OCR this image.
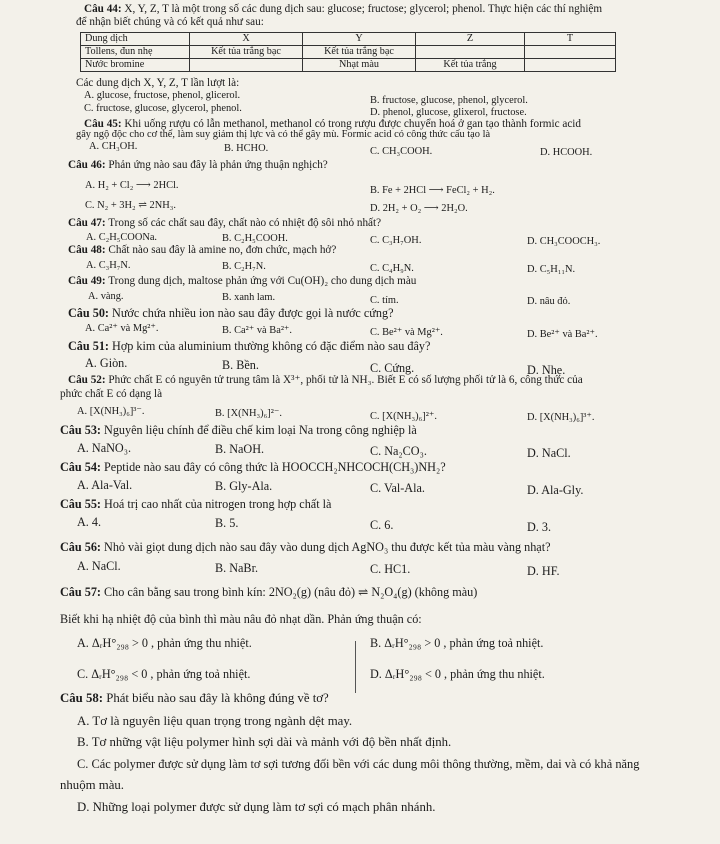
Câu 44: X, Y, Z, T là một trong số các dung dịch sau: glucose; fructose; glycerol; phenol. Thực hiện các thí nghiệm
để nhận biết chúng và có kết quả như sau:
Dung dịch	X	Y	Z	T
Tollens, đun nhẹ	Kết tủa trắng bạc	Kết tủa trắng bạc		
Nước bromine		Nhạt màu	Kết tủa trắng	
Các dung dịch X, Y, Z, T lần lượt là:
A. glucose, fructose, phenol, glicerol.	B. fructose, glucose, phenol, glycerol.
C. fructose, glucose, glycerol, phenol.	D. phenol, glucose, glixerol, fructose.
Câu 45: Khi uống rượu có lẫn methanol, methanol có trong rượu được chuyển hoá ở gan tạo thành formic acid
gây ngộ độc cho cơ thể, làm suy giảm thị lực và có thể gây mù. Formic acid có công thức cấu tạo là
A. CH₃OH.	B. HCHO.	C. CH₃COOH.	D. HCOOH.
Câu 46: Phản ứng nào sau đây là phản ứng thuận nghịch?
A. H₂ + Cl₂ ⟶ 2HCl.	B. Fe + 2HCl ⟶ FeCl₂ + H₂.
C. N₂ + 3H₂ ⇌ 2NH₃.	D. 2H₂ + O₂ ⟶ 2H₂O.
Câu 47: Trong số các chất sau đây, chất nào có nhiệt độ sôi nhỏ nhất?
A. C₂H₅COONa.	B. C₂H₅COOH.	C. C₃H₇OH.	D. CH₃COOCH₃.
Câu 48: Chất nào sau đây là amine no, đơn chức, mạch hở?
A. C₃H₇N.	B. C₂H₇N.	C. C₄H₉N.	D. C₅H₁₁N.
Câu 49: Trong dung dịch, maltose phản ứng với Cu(OH)₂ cho dung dịch màu
A. vàng.	B. xanh lam.	C. tím.	D. nâu đỏ.
Câu 50: Nước chứa nhiều ion nào sau đây được gọi là nước cứng?
A. Ca²⁺ và Mg²⁺.	B. Ca²⁺ và Ba²⁺.	C. Be²⁺ và Mg²⁺.	D. Be²⁺ và Ba²⁺.
Câu 51: Hợp kim của aluminium thường không có đặc điểm nào sau đây?
A. Giòn.	B. Bền.	C. Cứng.	D. Nhẹ.
Câu 52: Phức chất E có nguyên tử trung tâm là X³⁺, phối tử là NH₃. Biết E có số lượng phối tử là 6, công thức của
phức chất E có dạng là
A. [X(NH₃)₆]³⁻.	B. [X(NH₃)₆]²⁻.	C. [X(NH₃)₆]²⁺.	D. [X(NH₃)₆]³⁺.
Câu 53: Nguyên liệu chính để điều chế kim loại Na trong công nghiệp là
A. NaNO₃.	B. NaOH.	C. Na₂CO₃.	D. NaCl.
Câu 54: Peptide nào sau đây có công thức là HOOCCH₂NHCOCH(CH₃)NH₂?
A. Ala-Val.	B. Gly-Ala.	C. Val-Ala.	D. Ala-Gly.
Câu 55: Hoá trị cao nhất của nitrogen trong hợp chất là
A. 4.	B. 5.	C. 6.	D. 3.
Câu 56: Nhỏ vài giọt dung dịch nào sau đây vào dung dịch AgNO₃ thu được kết tủa màu vàng nhạt?
A. NaCl.	B. NaBr.	C. HC1.	D. HF.
Câu 57: Cho cân bằng sau trong bình kín: 2NO₂(g) (nâu đỏ) ⇌ N₂O₄(g) (không màu)
Biết khi hạ nhiệt độ của bình thì màu nâu đỏ nhạt dần. Phản ứng thuận có:
A. ΔᵣH°₂₉₈ > 0 , phản ứng thu nhiệt.	B. ΔᵣH°₂₉₈ > 0 , phản ứng toả nhiệt.
C. ΔᵣH°₂₉₈ < 0 , phản ứng toả nhiệt.	D. ΔᵣH°₂₉₈ < 0 , phản ứng thu nhiệt.
Câu 58: Phát biểu nào sau đây là không đúng về tơ?
A. Tơ là nguyên liệu quan trọng trong ngành dệt may.
B. Tơ những vật liệu polymer hình sợi dài và mảnh với độ bền nhất định.
C. Các polymer được sử dụng làm tơ sợi tương đối bền với các dung môi thông thường, mềm, dai và có khả năng
nhuộm màu.
D. Những loại polymer được sử dụng làm tơ sợi có mạch phân nhánh.
